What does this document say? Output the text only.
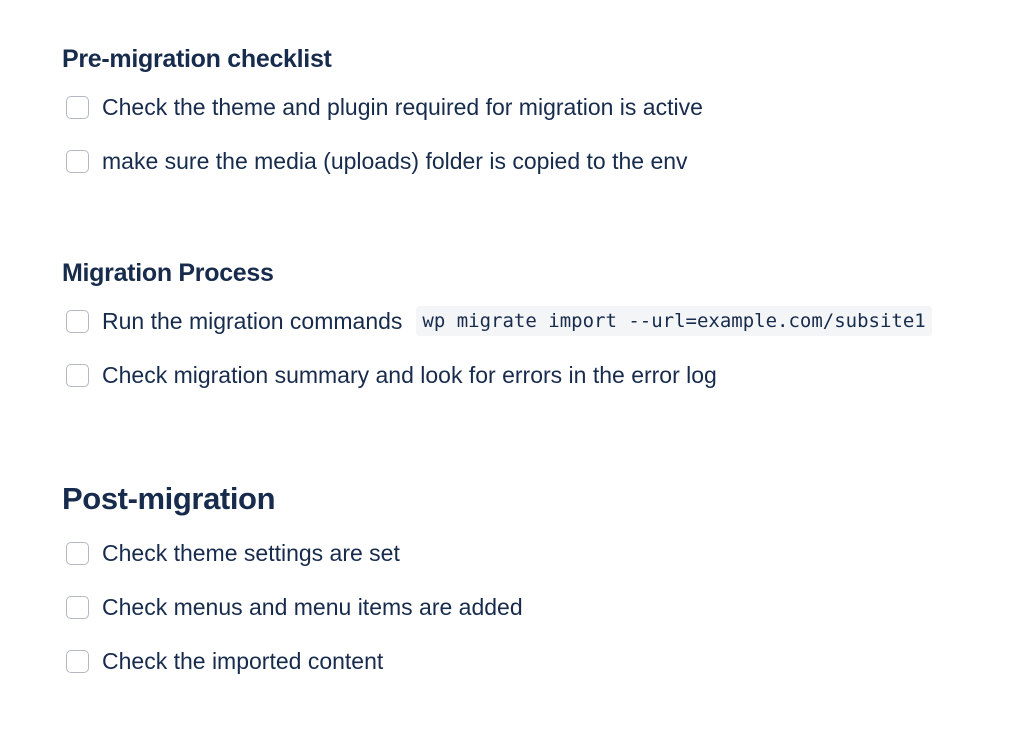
Pre-migration checklist
Check the theme and plugin required for migration is active
make sure the media (uploads) folder is copied to the env
Migration Process
Run the migration commands	wp migrate import --url=example.com/subsite1
Check migration summary and look for errors in the error log
Post-migration
Check theme settings are set
Check menus and menu items are added
Check the imported content
